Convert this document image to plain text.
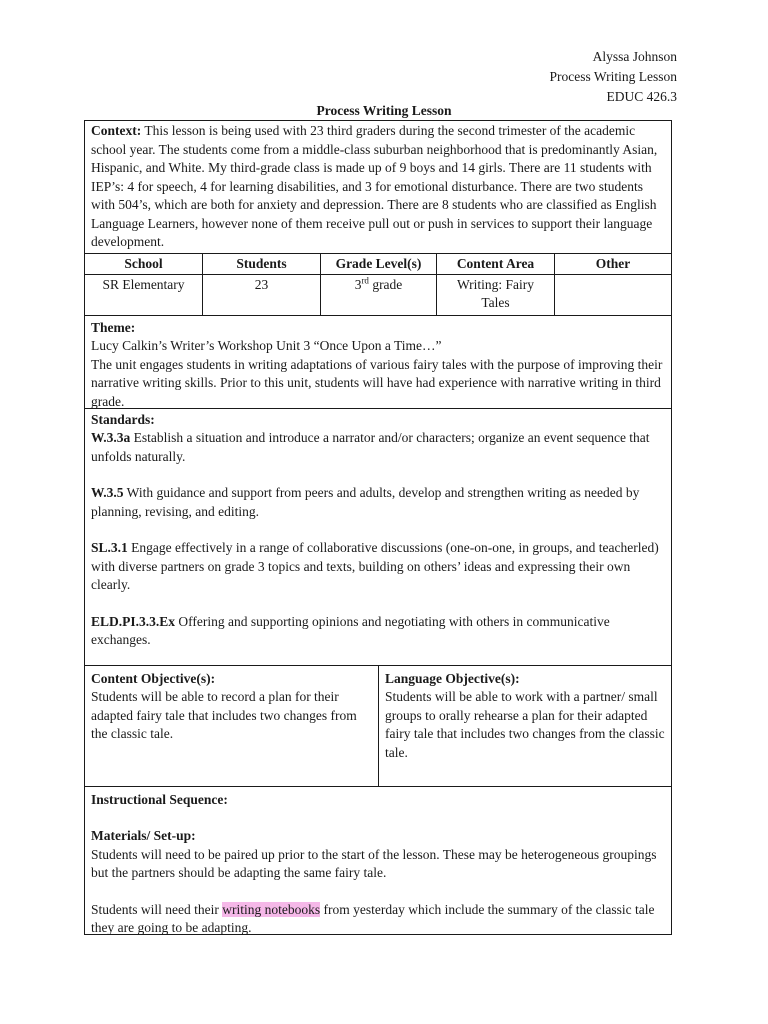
Alyssa Johnson
Process Writing Lesson
EDUC 426.3
Process Writing Lesson
Context: This lesson is being used with 23 third graders during the second trimester of the academic school year. The students come from a middle-class suburban neighborhood that is predominantly Asian, Hispanic, and White. My third-grade class is made up of 9 boys and 14 girls. There are 11 students with IEP’s: 4 for speech, 4 for learning disabilities, and 3 for emotional disturbance. There are two students with 504’s, which are both for anxiety and depression. There are 8 students who are classified as English Language Learners, however none of them receive pull out or push in services to support their language development.
School	Students	Grade Level(s)	Content Area	Other
SR Elementary	23	3rd grade	Writing: Fairy Tales
Theme:
Lucy Calkin’s Writer’s Workshop Unit 3 “Once Upon a Time…”
The unit engages students in writing adaptations of various fairy tales with the purpose of improving their narrative writing skills. Prior to this unit, students will have had experience with narrative writing in third grade.
Standards:
W.3.3a Establish a situation and introduce a narrator and/or characters; organize an event sequence that unfolds naturally.
W.3.5 With guidance and support from peers and adults, develop and strengthen writing as needed by planning, revising, and editing.
SL.3.1 Engage effectively in a range of collaborative discussions (one-on-one, in groups, and teacherled) with diverse partners on grade 3 topics and texts, building on others’ ideas and expressing their own clearly.
ELD.PI.3.3.Ex Offering and supporting opinions and negotiating with others in communicative exchanges.
Content Objective(s):
Students will be able to record a plan for their adapted fairy tale that includes two changes from the classic tale.
Language Objective(s):
Students will be able to work with a partner/ small groups to orally rehearse a plan for their adapted fairy tale that includes two changes from the classic tale.
Instructional Sequence:
Materials/ Set-up:
Students will need to be paired up prior to the start of the lesson. These may be heterogeneous groupings but the partners should be adapting the same fairy tale.
Students will need their writing notebooks from yesterday which include the summary of the classic tale they are going to be adapting.
